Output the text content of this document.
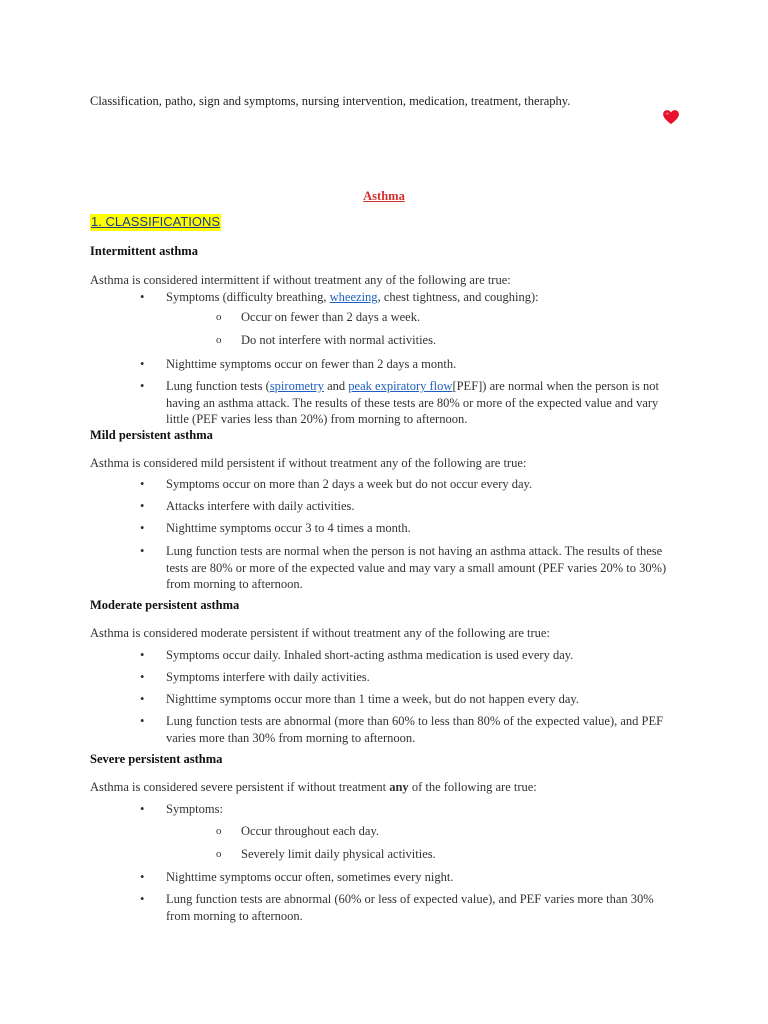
Classification, patho, sign and symptoms, nursing intervention, medication, treatment, theraphy.
Asthma
1. CLASSIFICATIONS
Intermittent asthma
Asthma is considered intermittent if without treatment any of the following are true:
• Symptoms (difficulty breathing, wheezing, chest tightness, and coughing):
o Occur on fewer than 2 days a week.
o Do not interfere with normal activities.
• Nighttime symptoms occur on fewer than 2 days a month.
• Lung function tests (spirometry and peak expiratory flow[PEF]) are normal when the person is not having an asthma attack. The results of these tests are 80% or more of the expected value and vary little (PEF varies less than 20%) from morning to afternoon.
Mild persistent asthma
Asthma is considered mild persistent if without treatment any of the following are true:
• Symptoms occur on more than 2 days a week but do not occur every day.
• Attacks interfere with daily activities.
• Nighttime symptoms occur 3 to 4 times a month.
• Lung function tests are normal when the person is not having an asthma attack. The results of these tests are 80% or more of the expected value and may vary a small amount (PEF varies 20% to 30%) from morning to afternoon.
Moderate persistent asthma
Asthma is considered moderate persistent if without treatment any of the following are true:
• Symptoms occur daily. Inhaled short-acting asthma medication is used every day.
• Symptoms interfere with daily activities.
• Nighttime symptoms occur more than 1 time a week, but do not happen every day.
• Lung function tests are abnormal (more than 60% to less than 80% of the expected value), and PEF varies more than 30% from morning to afternoon.
Severe persistent asthma
Asthma is considered severe persistent if without treatment any of the following are true:
• Symptoms:
o Occur throughout each day.
o Severely limit daily physical activities.
• Nighttime symptoms occur often, sometimes every night.
• Lung function tests are abnormal (60% or less of expected value), and PEF varies more than 30% from morning to afternoon.
